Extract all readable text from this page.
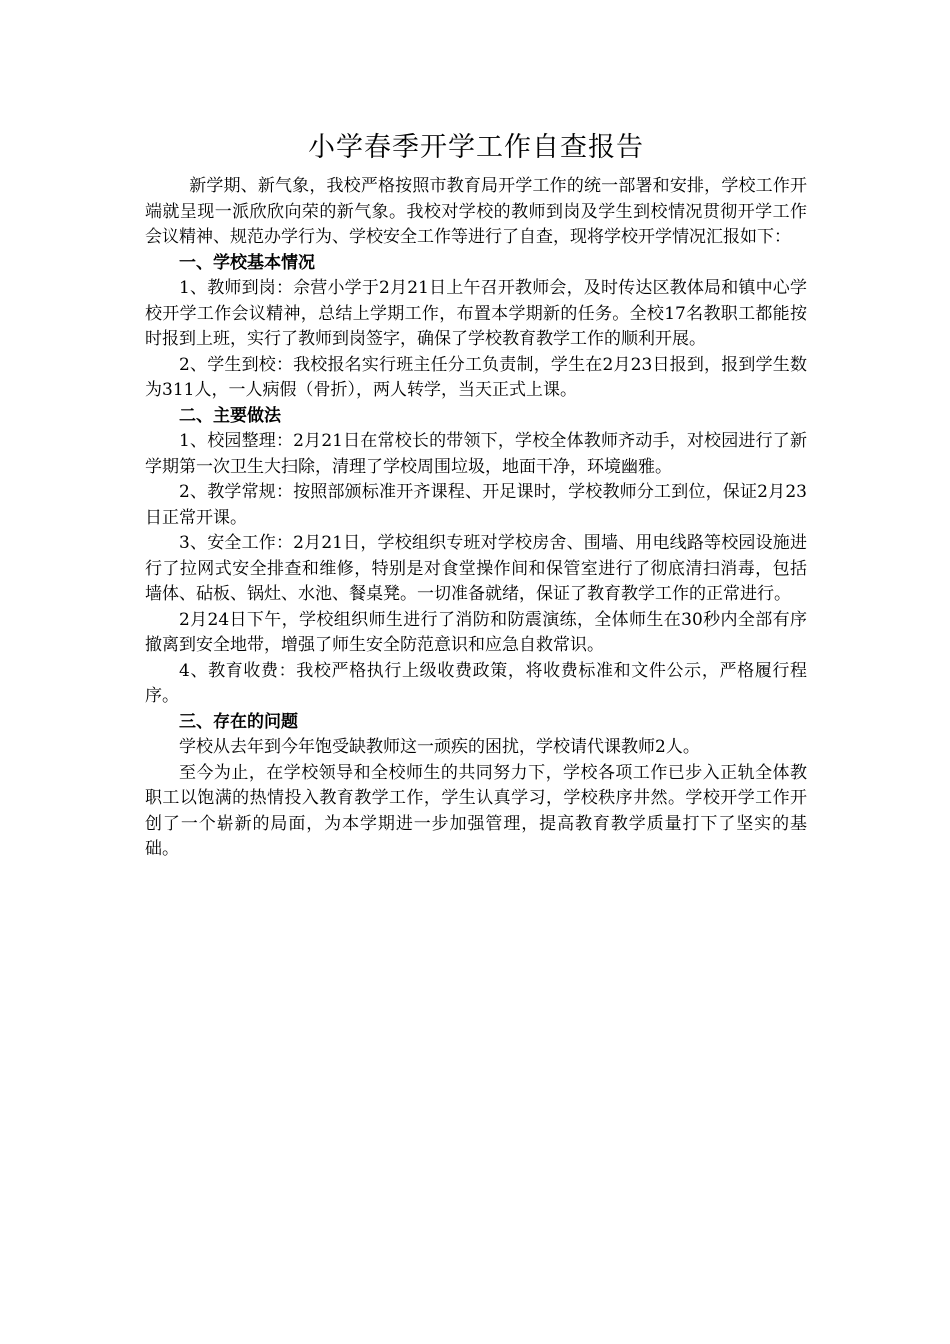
小学春季开学工作自查报告

新学期、新气象，我校严格按照市教育局开学工作的统一部署和安排，学校工作开端就呈现一派欣欣向荣的新气象。我校对学校的教师到岗及学生到校情况贯彻开学工作会议精神、规范办学行为、学校安全工作等进行了自查，现将学校开学情况汇报如下：

一、学校基本情况

1、教师到岗：佘营小学于2月21日上午召开教师会，及时传达区教体局和镇中心学校开学工作会议精神，总结上学期工作，布置本学期新的任务。全校17名教职工都能按时报到上班，实行了教师到岗签字，确保了学校教育教学工作的顺利开展。

2、学生到校：我校报名实行班主任分工负责制，学生在2月23日报到，报到学生数为311人，一人病假（骨折），两人转学，当天正式上课。

二、主要做法

1、校园整理：2月21日在常校长的带领下，学校全体教师齐动手，对校园进行了新学期第一次卫生大扫除，清理了学校周围垃圾，地面干净，环境幽雅。

2、教学常规：按照部颁标准开齐课程、开足课时，学校教师分工到位，保证2月23日正常开课。

3、安全工作：2月21日，学校组织专班对学校房舍、围墙、用电线路等校园设施进行了拉网式安全排查和维修，特别是对食堂操作间和保管室进行了彻底清扫消毒，包括墙体、砧板、锅灶、水池、餐桌凳。一切准备就绪，保证了教育教学工作的正常进行。

2月24日下午，学校组织师生进行了消防和防震演练，全体师生在30秒内全部有序撤离到安全地带，增强了师生安全防范意识和应急自救常识。

4、教育收费：我校严格执行上级收费政策，将收费标准和文件公示，严格履行程序。

三、存在的问题

学校从去年到今年饱受缺教师这一顽疾的困扰，学校请代课教师2人。

至今为止，在学校领导和全校师生的共同努力下，学校各项工作已步入正轨全体教职工以饱满的热情投入教育教学工作，学生认真学习，学校秩序井然。学校开学工作开创了一个崭新的局面，为本学期进一步加强管理，提高教育教学质量打下了坚实的基础。
